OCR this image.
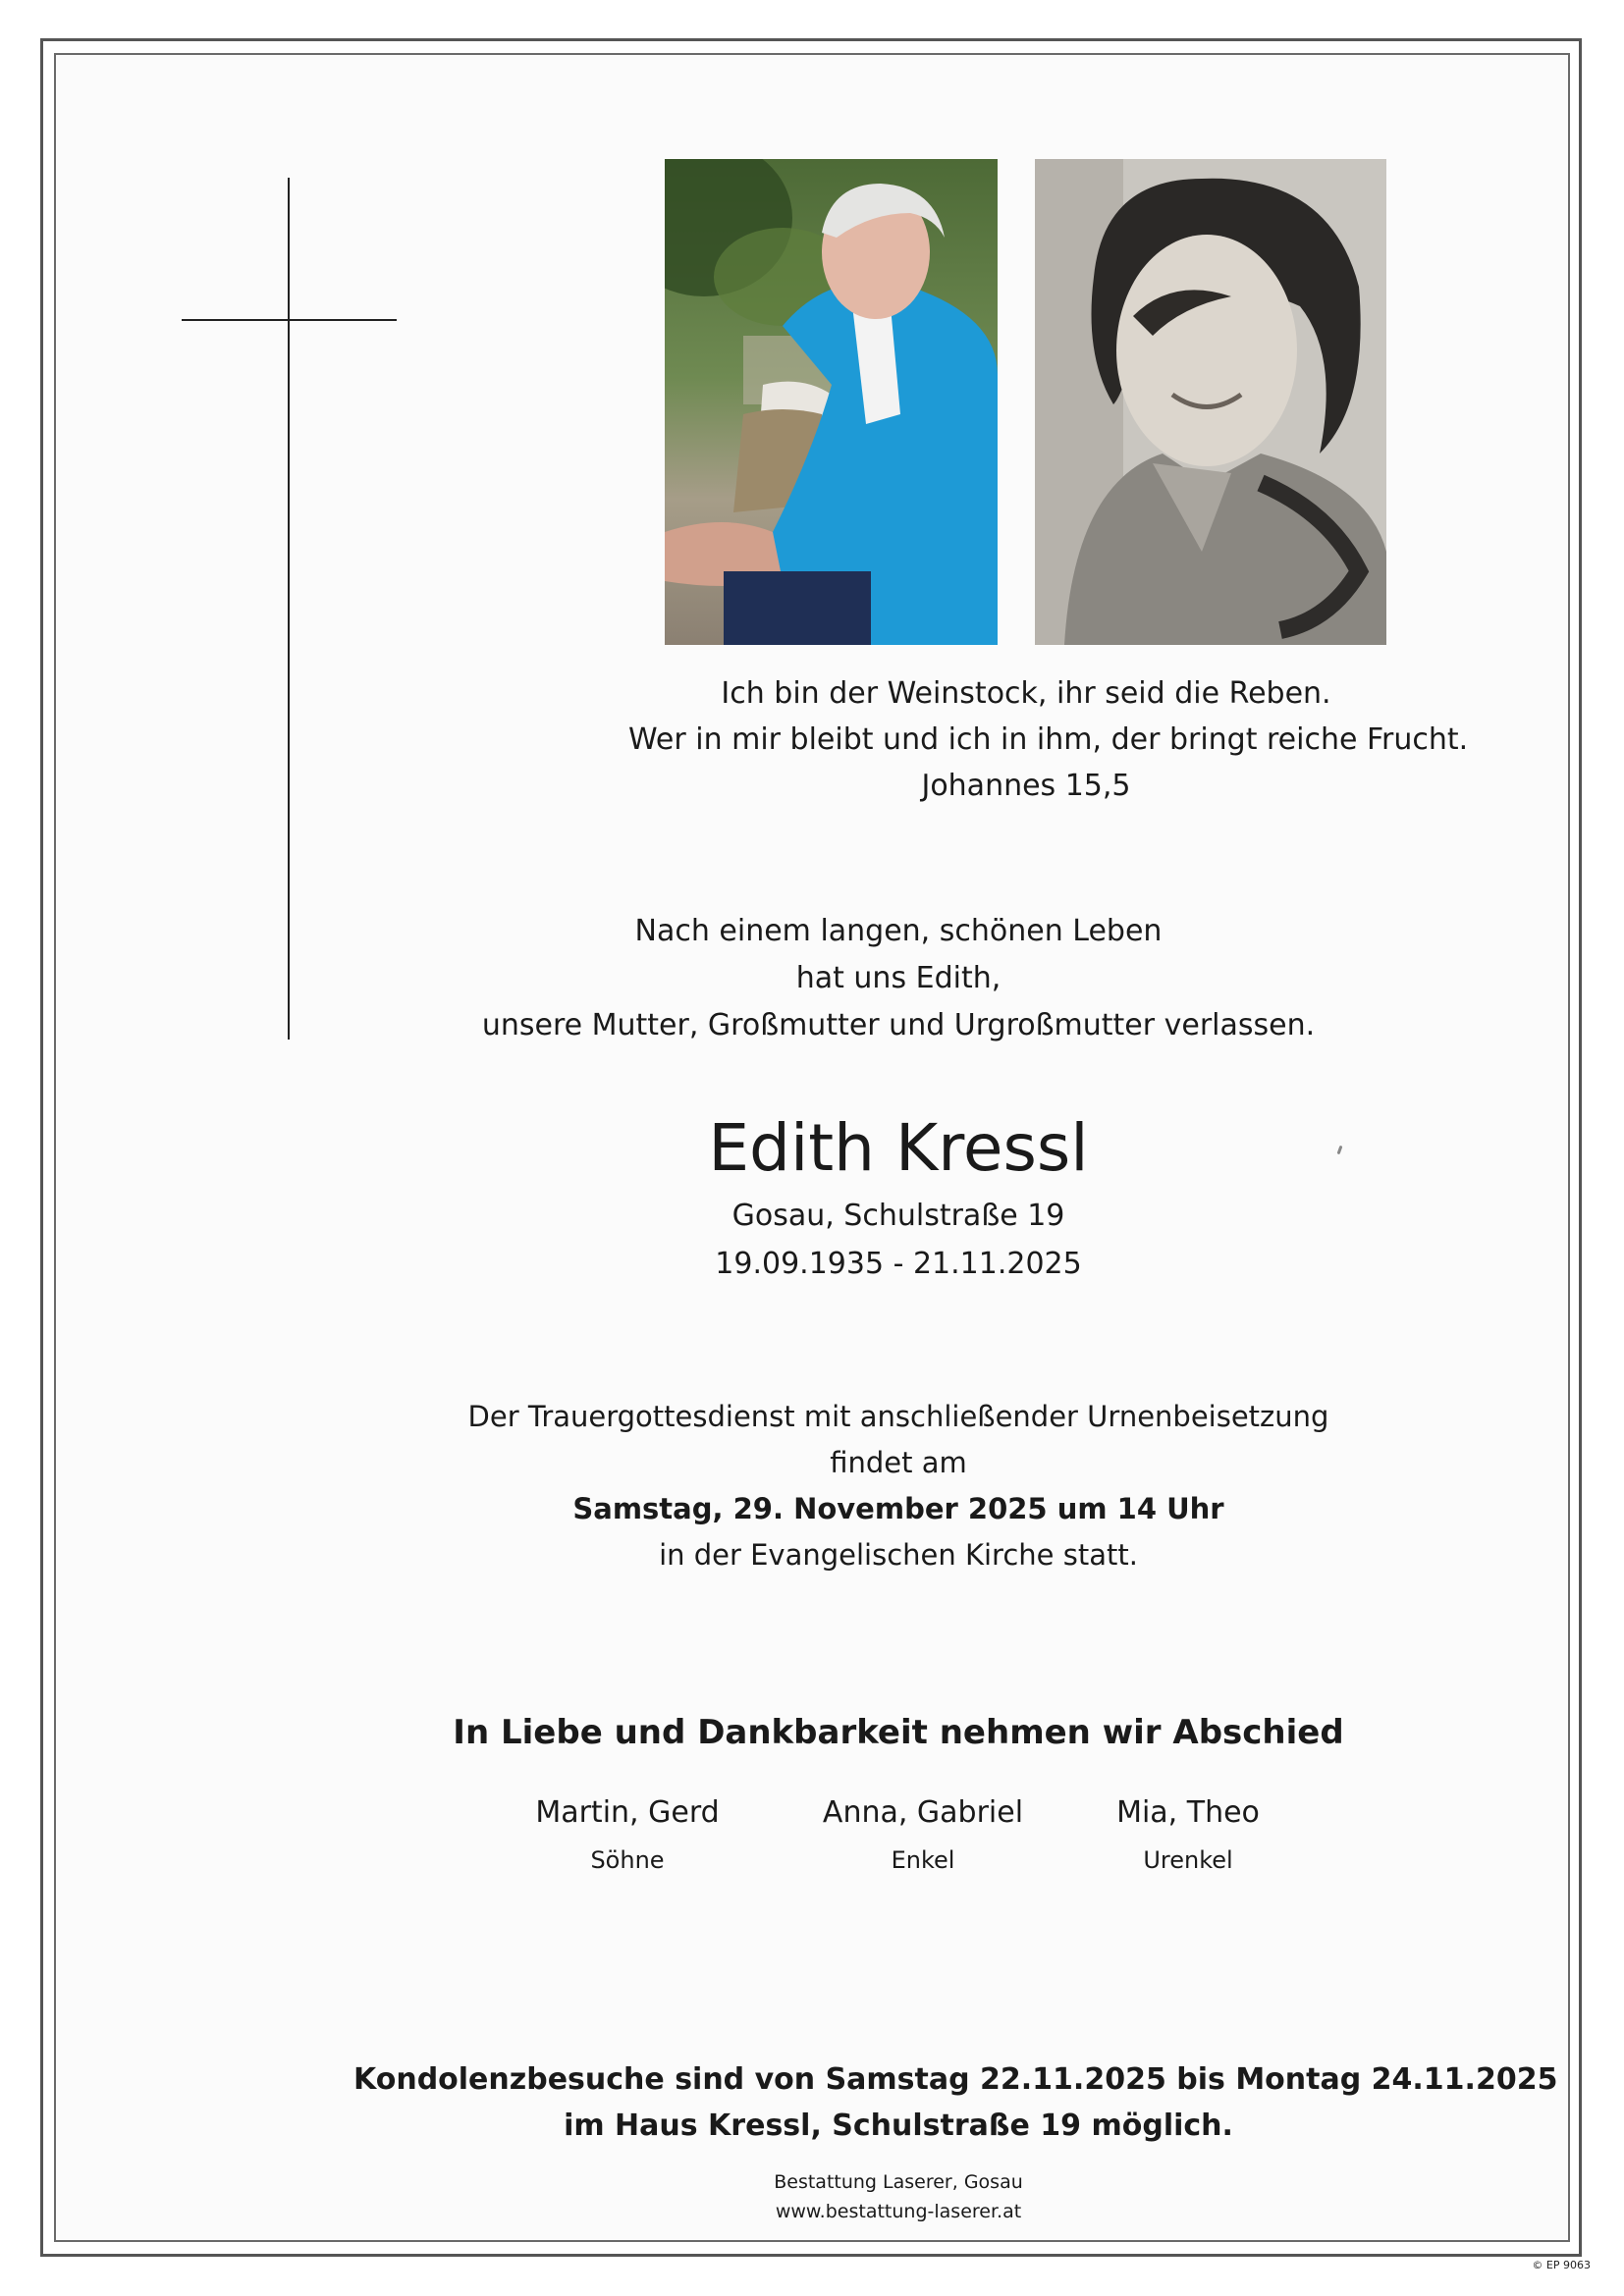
Ich bin der Weinstock, ihr seid die Reben.
Wer in mir bleibt und ich in ihm, der bringt reiche Frucht.
Johannes 15,5
Nach einem langen, schönen Leben
hat uns Edith,
unsere Mutter, Großmutter und Urgroßmutter verlassen.
Edith Kressl
Gosau, Schulstraße 19
19.09.1935 - 21.11.2025
Der Trauergottesdienst mit anschließender Urnenbeisetzung
findet am
Samstag, 29. November 2025 um 14 Uhr
in der Evangelischen Kirche statt.
In Liebe und Dankbarkeit nehmen wir Abschied
Martin, Gerd
Söhne
Anna, Gabriel
Enkel
Mia, Theo
Urenkel
Kondolenzbesuche sind von Samstag 22.11.2025 bis Montag 24.11.2025
im Haus Kressl, Schulstraße 19 möglich.
Bestattung Laserer, Gosau
www.bestattung-laserer.at
© EP 9063
